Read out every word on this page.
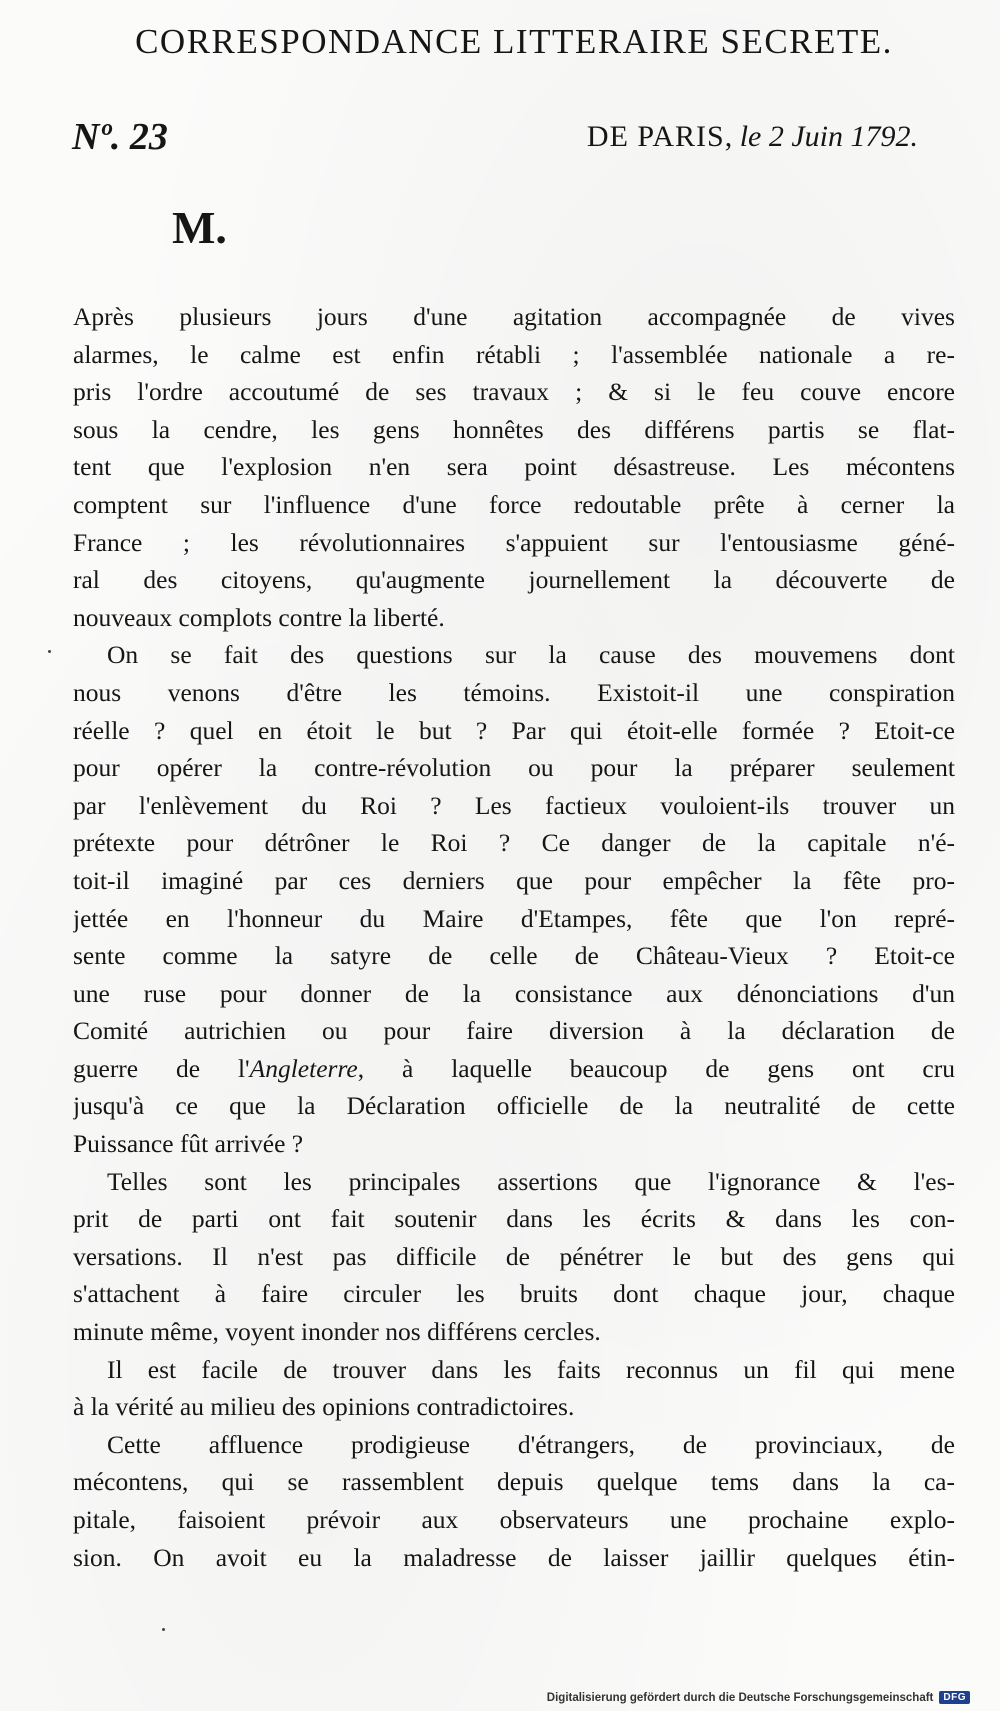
CORRESPONDANCE LITTERAIRE SECRETE.
Nº. 23	DE PARIS, le 2 Juin 1792.
M.
Après plusieurs jours d'une agitation accompagnée de vives
alarmes, le calme est enfin rétabli ; l'assemblée nationale a re-
pris l'ordre accoutumé de ses travaux ; & si le feu couve encore
sous la cendre, les gens honnêtes des différens partis se flat-
tent que l'explosion n'en sera point désastreuse. Les mécontens
comptent sur l'influence d'une force redoutable prête à cerner la
France ; les révolutionnaires s'appuient sur l'entousiasme géné-
ral des citoyens, qu'augmente journellement la découverte de
nouveaux complots contre la liberté.
On se fait des questions sur la cause des mouvemens dont
nous venons d'être les témoins. Existoit-il une conspiration
réelle ? quel en étoit le but ? Par qui étoit-elle formée ? Etoit-ce
pour opérer la contre-révolution ou pour la préparer seulement
par l'enlèvement du Roi ? Les factieux vouloient-ils trouver un
prétexte pour détrôner le Roi ? Ce danger de la capitale n'é-
toit-il imaginé par ces derniers que pour empêcher la fête pro-
jettée en l'honneur du Maire d'Etampes, fête que l'on repré-
sente comme la satyre de celle de Château-Vieux ? Etoit-ce
une ruse pour donner de la consistance aux dénonciations d'un
Comité autrichien ou pour faire diversion à la déclaration de
guerre de l'Angleterre, à laquelle beaucoup de gens ont cru
jusqu'à ce que la Déclaration officielle de la neutralité de cette
Puissance fût arrivée ?
Telles sont les principales assertions que l'ignorance & l'es-
prit de parti ont fait soutenir dans les écrits & dans les con-
versations. Il n'est pas difficile de pénétrer le but des gens qui
s'attachent à faire circuler les bruits dont chaque jour, chaque
minute même, voyent inonder nos différens cercles.
Il est facile de trouver dans les faits reconnus un fil qui mene
à la vérité au milieu des opinions contradictoires.
Cette affluence prodigieuse d'étrangers, de provinciaux, de
mécontens, qui se rassemblent depuis quelque tems dans la ca-
pitale, faisoient prévoir aux observateurs une prochaine explo-
sion. On avoit eu la maladresse de laisser jaillir quelques étin-
Digitalisierung gefördert durch die Deutsche Forschungsgemeinschaft	DFG
